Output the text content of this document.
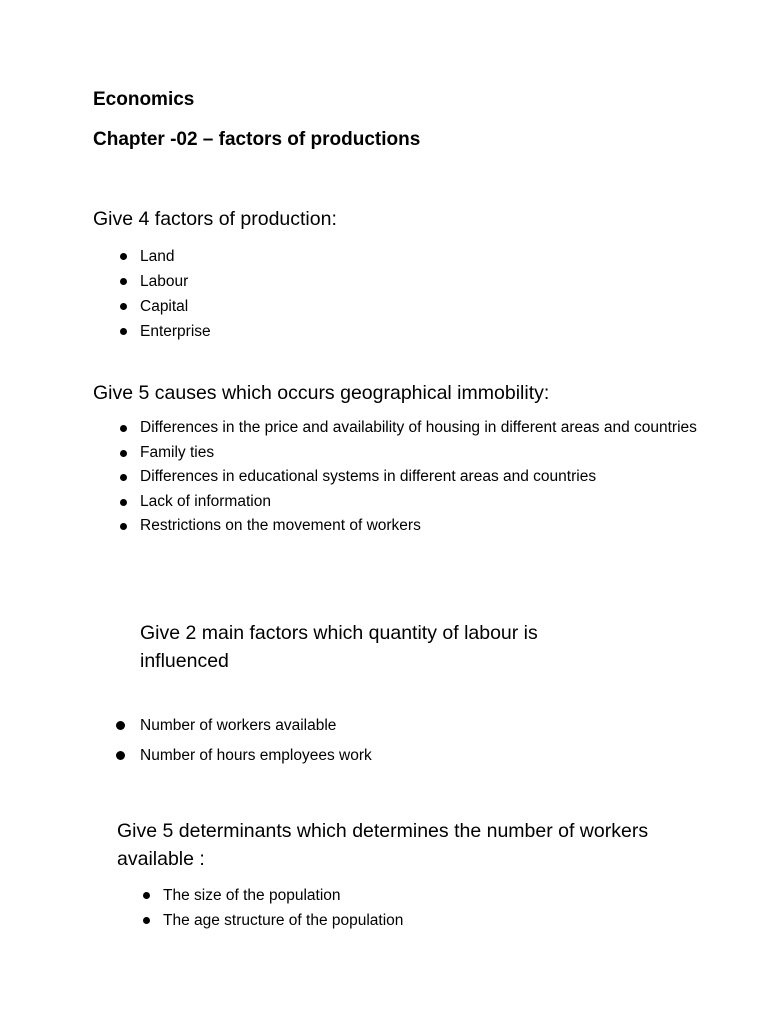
Economics
Chapter -02 – factors of productions
Give 4 factors of production:
Land
Labour
Capital
Enterprise
Give 5 causes which occurs geographical immobility:
Differences in the price and availability of housing in different areas and countries
Family ties
Differences in educational systems in different areas and countries
Lack of information
Restrictions on the movement of workers
Give 2 main factors which quantity of labour is influenced
Number of workers available
Number of hours employees work
Give 5 determinants which determines the number of workers available :
The size of the population
The age structure of the population
